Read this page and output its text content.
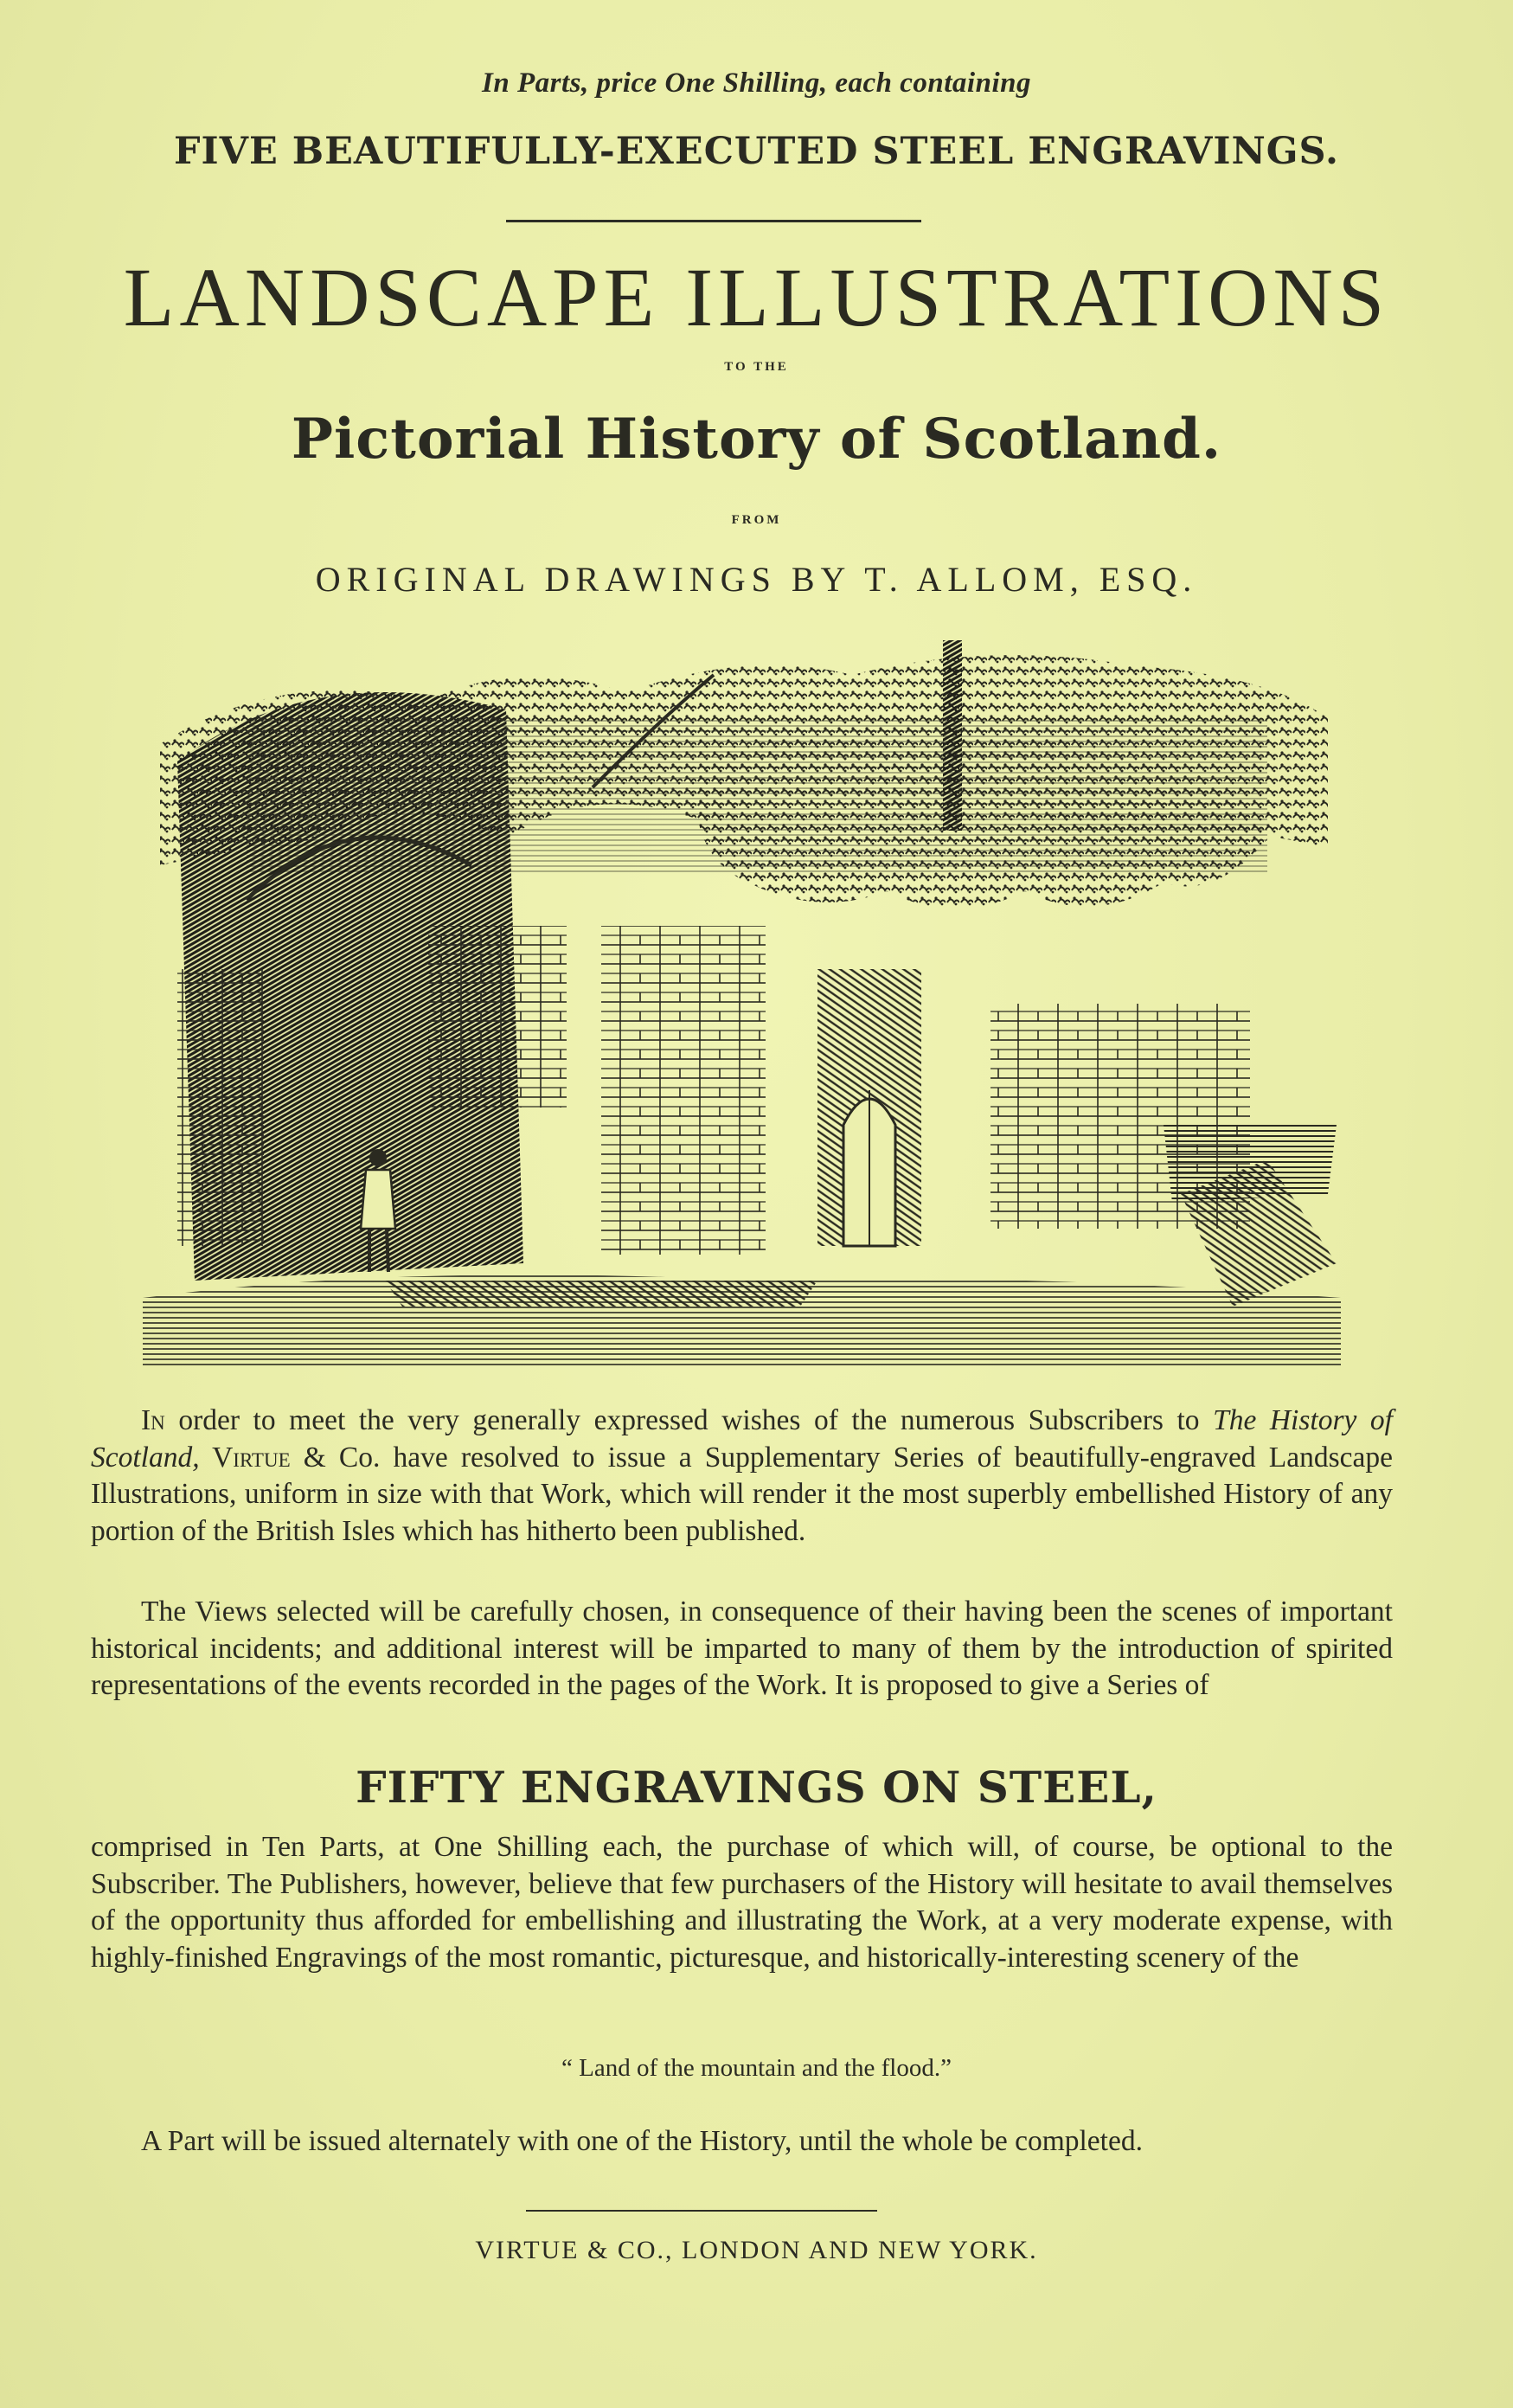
In Parts, price One Shilling, each containing
FIVE BEAUTIFULLY-EXECUTED STEEL ENGRAVINGS.
LANDSCAPE ILLUSTRATIONS
TO THE
Pictorial History of Scotland.
FROM
ORIGINAL DRAWINGS BY T. ALLOM, ESQ.

In order to meet the very generally expressed wishes of the numerous Subscribers to The History of Scotland, Virtue & Co. have resolved to issue a Supplementary Series of beautifully-engraved Landscape Illustrations, uniform in size with that Work, which will render it the most superbly embellished History of any portion of the British Isles which has hitherto been published.

The Views selected will be carefully chosen, in consequence of their having been the scenes of important historical incidents; and additional interest will be imparted to many of them by the introduction of spirited representations of the events recorded in the pages of the Work. It is proposed to give a Series of

FIFTY ENGRAVINGS ON STEEL,

comprised in Ten Parts, at One Shilling each, the purchase of which will, of course, be optional to the Subscriber. The Publishers, however, believe that few purchasers of the History will hesitate to avail themselves of the opportunity thus afforded for embellishing and illustrating the Work, at a very moderate expense, with highly-finished Engravings of the most romantic, picturesque, and historically-interesting scenery of the

“ Land of the mountain and the flood.”

A Part will be issued alternately with one of the History, until the whole be completed.

VIRTUE & CO., LONDON AND NEW YORK.
